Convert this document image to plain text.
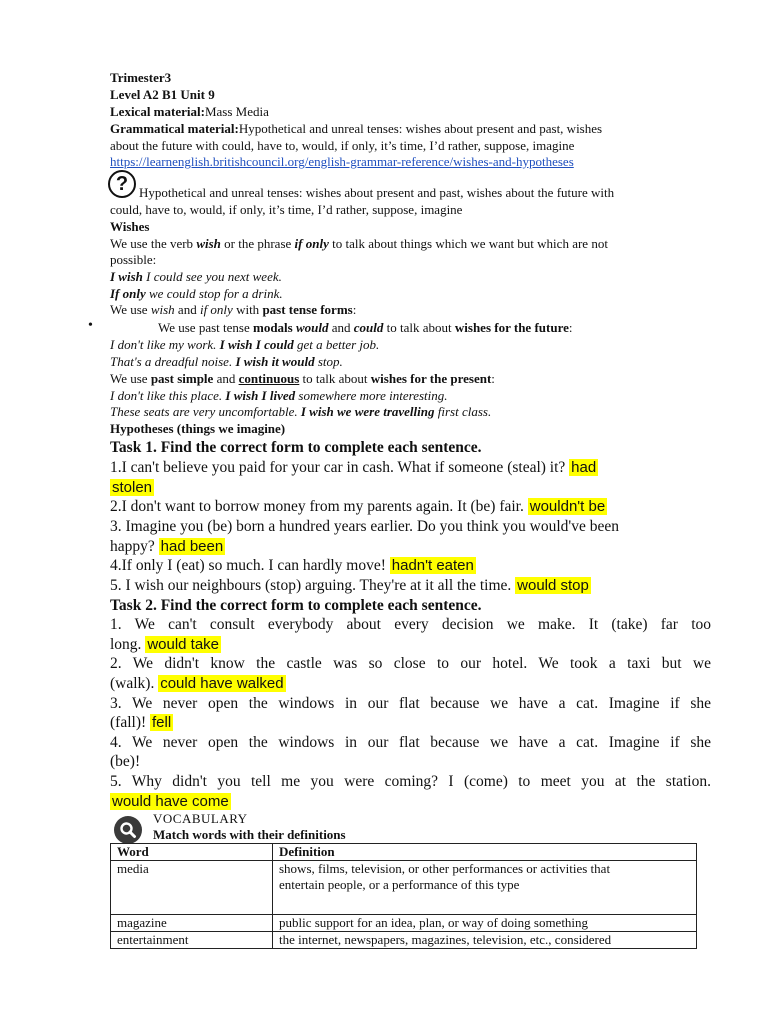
Trimester3
Level A2 B1 Unit 9
Lexical material:Mass Media
Grammatical material:Hypothetical and unreal tenses: wishes about present and past, wishes
about the future with could, have to, would, if only, it’s time, I’d rather, suppose, imagine
https://learnenglish.britishcouncil.org/english-grammar-reference/wishes-and-hypotheses
? Hypothetical and unreal tenses: wishes about present and past, wishes about the future with
could, have to, would, if only, it’s time, I’d rather, suppose, imagine
Wishes
We use the verb wish or the phrase if only to talk about things which we want but which are not
possible:
I wish I could see you next week.
If only we could stop for a drink.
We use wish and if only with past tense forms:
•	We use past tense modals would and could to talk about wishes for the future:
I don't like my work. I wish I could get a better job.
That's a dreadful noise. I wish it would stop.
We use past simple and continuous to talk about wishes for the present:
I don't like this place. I wish I lived somewhere more interesting.
These seats are very uncomfortable. I wish we were travelling first class.
Hypotheses (things we imagine)
Task 1. Find the correct form to complete each sentence.
1.I can't believe you paid for your car in cash. What if someone (steal) it? had
stolen
2.I don't want to borrow money from my parents again. It (be) fair. wouldn't be
3. Imagine you (be) born a hundred years earlier. Do you think you would've been
happy? had been
4.If only I (eat) so much. I can hardly move! hadn't eaten
5. I wish our neighbours (stop) arguing. They're at it all the time. would stop
Task 2. Find the correct form to complete each sentence.
1. We can't consult everybody about every decision we make. It (take) far too
long. would take
2. We didn't know the castle was so close to our hotel. We took a taxi but we
(walk). could have walked
3. We never open the windows in our flat because we have a cat. Imagine if she
(fall)! fell
4. We never open the windows in our flat because we have a cat. Imagine if she
(be)!
5. Why didn't you tell me you were coming? I (come) to meet you at the station.
would have come
VOCABULARY
Match words with their definitions
Word	Definition
media	shows, films, television, or other performances or activities that
entertain people, or a performance of this type

magazine	public support for an idea, plan, or way of doing something
entertainment	the internet, newspapers, magazines, television, etc., considered
